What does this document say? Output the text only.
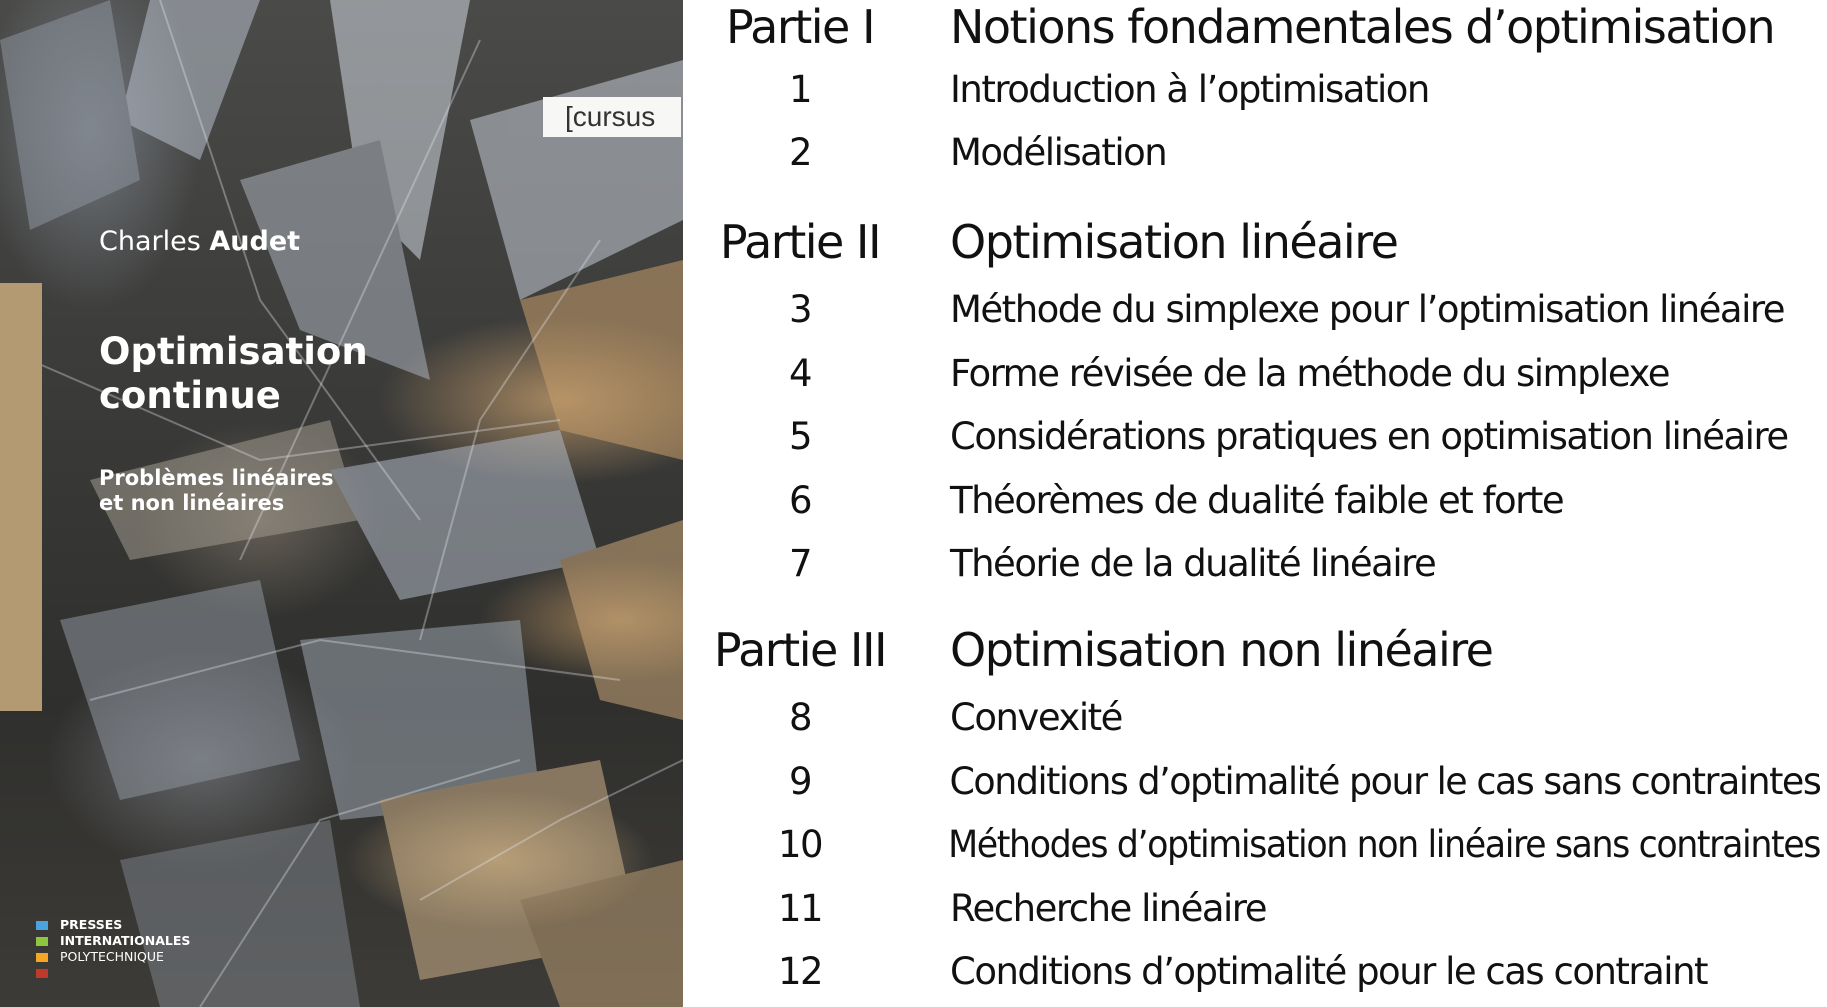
[cursus
Charles Audet
Optimisation
continue
Problèmes linéaires
et non linéaires
PRESSES
INTERNATIONALES
POLYTECHNIQUE
Partie I	Notions fondamentales d’optimisation
1	Introduction à l’optimisation
2	Modélisation
Partie II	Optimisation linéaire
3	Méthode du simplexe pour l’optimisation linéaire
4	Forme révisée de la méthode du simplexe
5	Considérations pratiques en optimisation linéaire
6	Théorèmes de dualité faible et forte
7	Théorie de la dualité linéaire
Partie III	Optimisation non linéaire
8	Convexité
9	Conditions d’optimalité pour le cas sans contraintes
10	Méthodes d’optimisation non linéaire sans contraintes
11	Recherche linéaire
12	Conditions d’optimalité pour le cas contraint
